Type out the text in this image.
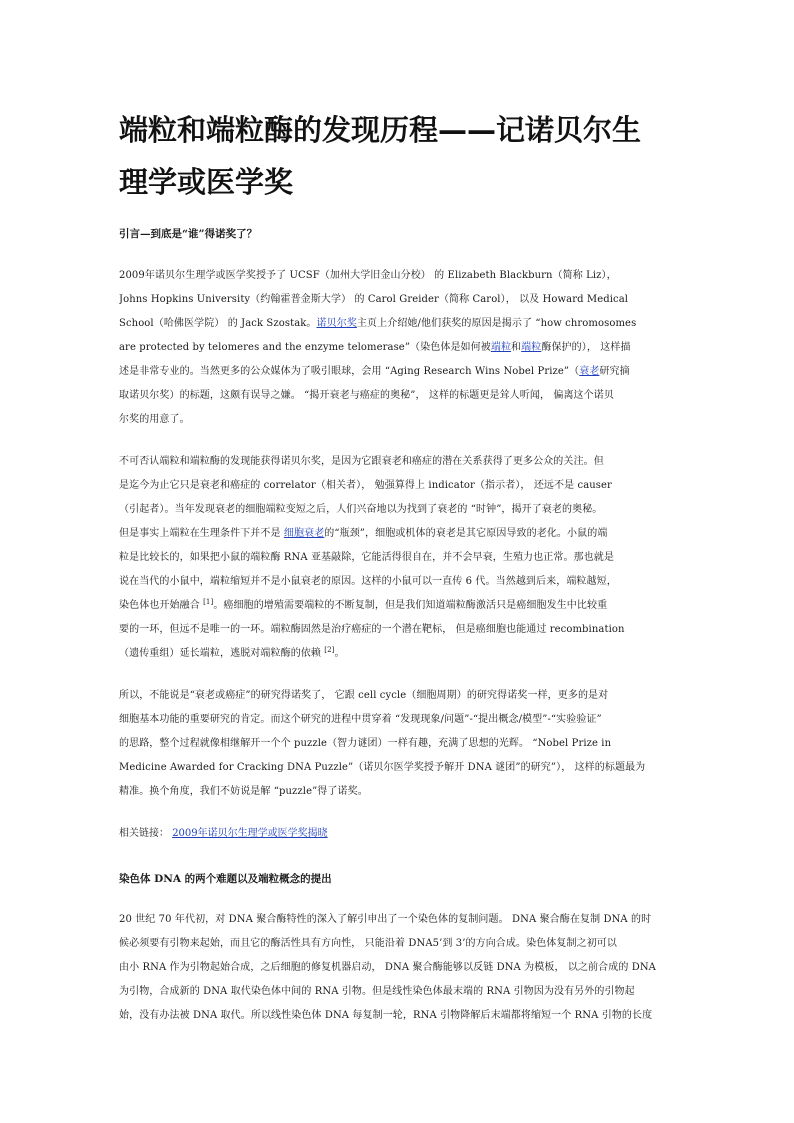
端粒和端粒酶的发现历程——记诺贝尔生
理学或医学奖

引言—到底是“谁”得诺奖了？

2009年诺贝尔生理学或医学奖授予了 UCSF（加州大学旧金山分校） 的 Elizabeth Blackburn（简称 Liz），
Johns Hopkins University（约翰霍普金斯大学） 的 Carol Greider（简称 Carol）， 以及 Howard Medical
School（哈佛医学院） 的 Jack Szostak。诺贝尔奖主页上介绍她/他们获奖的原因是揭示了 “how chromosomes
are protected by telomeres and the enzyme telomerase”（染色体是如何被端粒和端粒酶保护的）， 这样描
述是非常专业的。当然更多的公众媒体为了吸引眼球，会用 “Aging Research Wins Nobel Prize”（衰老研究摘
取诺贝尔奖）的标题，这颇有误导之嫌。 “揭开衰老与癌症的奥秘”， 这样的标题更是耸人听闻， 偏离这个诺贝
尔奖的用意了。
不可否认端粒和端粒酶的发现能获得诺贝尔奖，是因为它跟衰老和癌症的潜在关系获得了更多公众的关注。但
是迄今为止它只是衰老和癌症的 correlator（相关者）， 勉强算得上 indicator（指示者）， 还远不是 causer
（引起者）。当年发现衰老的细胞端粒变短之后，人们兴奋地以为找到了衰老的 “时钟”，揭开了衰老的奥秘。
但是事实上端粒在生理条件下并不是 细胞衰老的“瓶颈”，细胞或机体的衰老是其它原因导致的老化。小鼠的端
粒是比较长的，如果把小鼠的端粒酶 RNA 亚基敲除，它能活得很自在，并不会早衰，生殖力也正常。那也就是
说在当代的小鼠中，端粒缩短并不是小鼠衰老的原因。这样的小鼠可以一直传 6 代。当然越到后来，端粒越短，
染色体也开始融合 [1]。癌细胞的增殖需要端粒的不断复制，但是我们知道端粒酶激活只是癌细胞发生中比较重
要的一环，但远不是唯一的一环。端粒酶固然是治疗癌症的一个潜在靶标， 但是癌细胞也能通过 recombination
（遗传重组）延长端粒，逃脱对端粒酶的依赖 [2]。
所以，不能说是“衰老或癌症”的研究得诺奖了， 它跟 cell cycle（细胞周期）的研究得诺奖一样，更多的是对
细胞基本功能的重要研究的肯定。而这个研究的进程中贯穿着 “发现现象/问题”-“提出概念/模型”-“实验验证”
的思路，整个过程就像相继解开一个个 puzzle（智力谜团）一样有趣，充满了思想的光辉。 “Nobel Prize in
Medicine Awarded for Cracking DNA Puzzle”（诺贝尔医学奖授予解开 DNA 谜团”的研究”）， 这样的标题最为
精准。换个角度，我们不妨说是解 “puzzle”得了诺奖。

相关链接： 2009年诺贝尔生理学或医学奖揭晓

染色体 DNA 的两个难题以及端粒概念的提出

20 世纪 70 年代初，对 DNA 聚合酶特性的深入了解引申出了一个染色体的复制问题。 DNA 聚合酶在复制 DNA 的时
候必须要有引物来起始，而且它的酶活性具有方向性， 只能沿着 DNA5’到 3’的方向合成。染色体复制之初可以
由小 RNA 作为引物起始合成，之后细胞的修复机器启动， DNA 聚合酶能够以反链 DNA 为模板， 以之前合成的 DNA
为引物，合成新的 DNA 取代染色体中间的 RNA 引物。但是线性染色体最末端的 RNA 引物因为没有另外的引物起
始，没有办法被 DNA 取代。所以线性染色体 DNA 每复制一轮，RNA 引物降解后末端都将缩短一个 RNA 引物的长度
